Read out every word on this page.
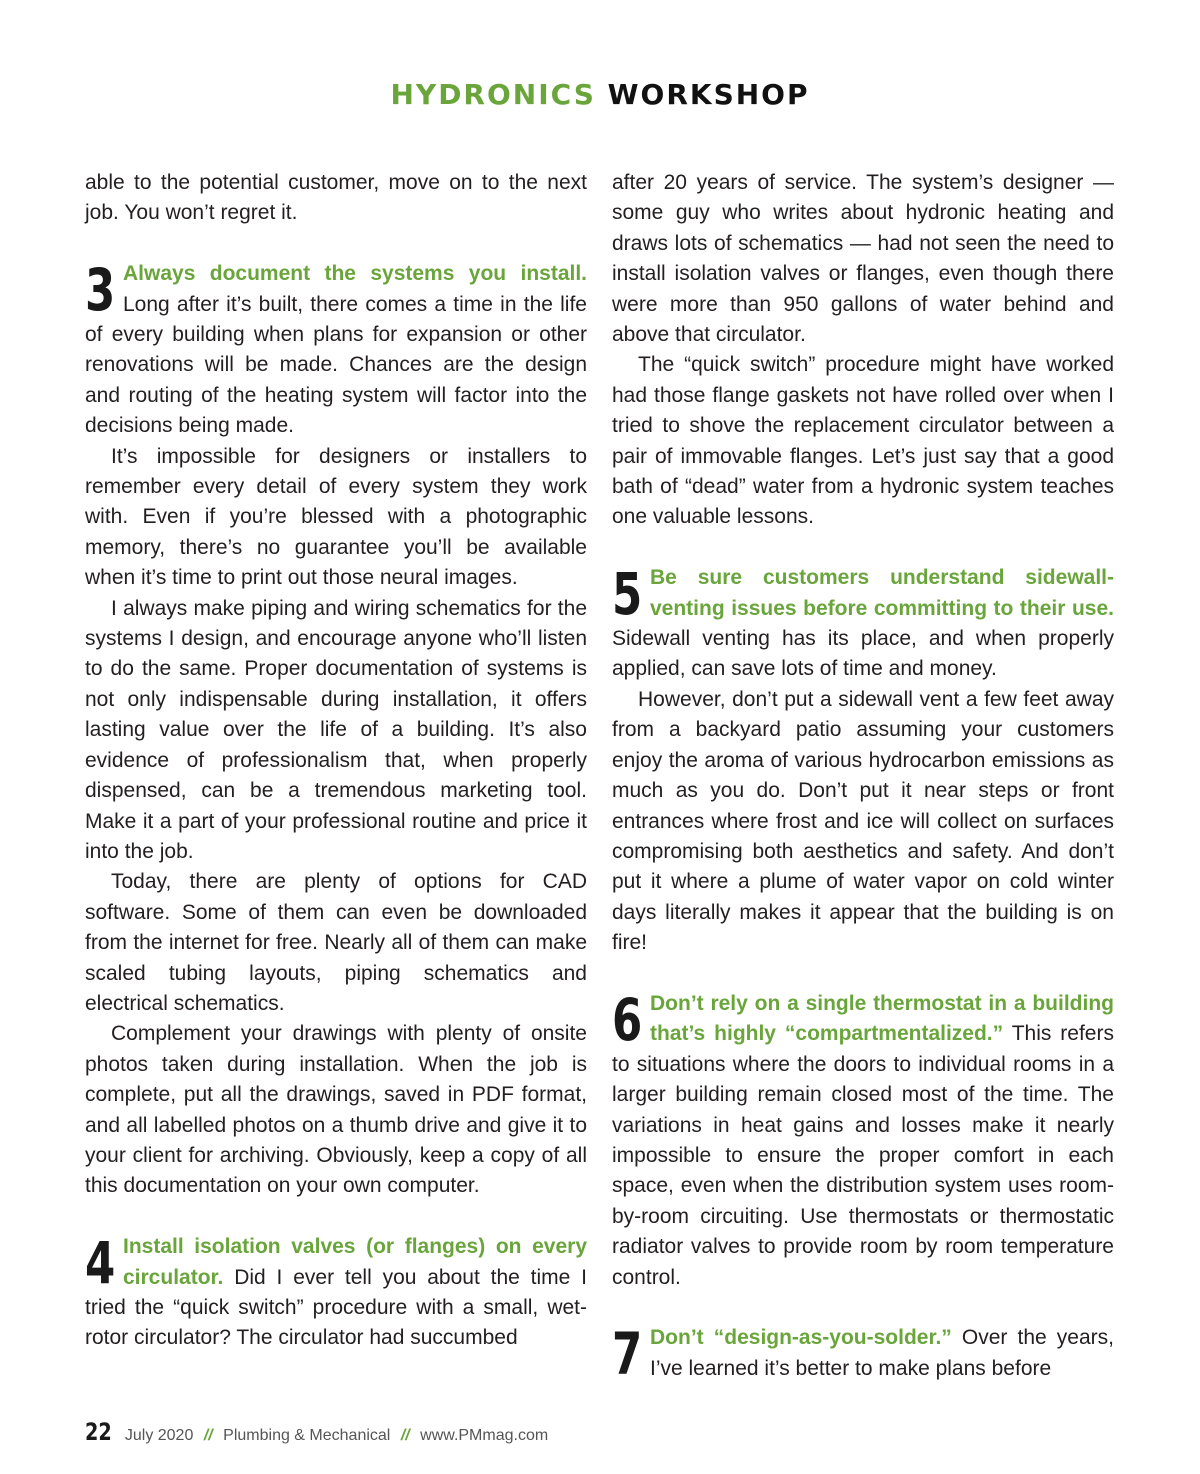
HYDRONICS WORKSHOP

able to the potential customer, move on to the next job. You won’t regret it.

3 Always document the systems you install. Long after it’s built, there comes a time in the life of every building when plans for expansion or other renovations will be made. Chances are the design and routing of the heating system will factor into the decisions being made.

It’s impossible for designers or installers to remember every detail of every system they work with. Even if you’re blessed with a photographic memory, there’s no guarantee you’ll be available when it’s time to print out those neural images.

I always make piping and wiring schematics for the systems I design, and encourage anyone who’ll listen to do the same. Proper documentation of systems is not only indispensable during installation, it offers lasting value over the life of a building. It’s also evidence of professionalism that, when properly dispensed, can be a tremendous marketing tool. Make it a part of your professional routine and price it into the job.

Today, there are plenty of options for CAD software. Some of them can even be downloaded from the internet for free. Nearly all of them can make scaled tubing layouts, piping schematics and electrical schematics.

Complement your drawings with plenty of onsite photos taken during installation. When the job is complete, put all the drawings, saved in PDF format, and all labelled photos on a thumb drive and give it to your client for archiving. Obviously, keep a copy of all this documentation on your own computer.

4 Install isolation valves (or flanges) on every circulator. Did I ever tell you about the time I tried the “quick switch” procedure with a small, wet-rotor circulator? The circulator had succumbed

after 20 years of service. The system’s designer — some guy who writes about hydronic heating and draws lots of schematics — had not seen the need to install isolation valves or flanges, even though there were more than 950 gallons of water behind and above that circulator.

The “quick switch” procedure might have worked had those flange gaskets not have rolled over when I tried to shove the replacement circulator between a pair of immovable flanges. Let’s just say that a good bath of “dead” water from a hydronic system teaches one valuable lessons.

5 Be sure customers understand sidewall-venting issues before committing to their use. Sidewall venting has its place, and when properly applied, can save lots of time and money.

However, don’t put a sidewall vent a few feet away from a backyard patio assuming your customers enjoy the aroma of various hydrocarbon emissions as much as you do. Don’t put it near steps or front entrances where frost and ice will collect on surfaces compromising both aesthetics and safety. And don’t put it where a plume of water vapor on cold winter days literally makes it appear that the building is on fire!

6 Don’t rely on a single thermostat in a building that’s highly “compartmentalized.” This refers to situations where the doors to individual rooms in a larger building remain closed most of the time. The variations in heat gains and losses make it nearly impossible to ensure the proper comfort in each space, even when the distribution system uses room-by-room circuiting. Use thermostats or thermostatic radiator valves to provide room by room temperature control.

7 Don’t “design-as-you-solder.” Over the years, I’ve learned it’s better to make plans before

22 July 2020 // Plumbing & Mechanical // www.PMmag.com
